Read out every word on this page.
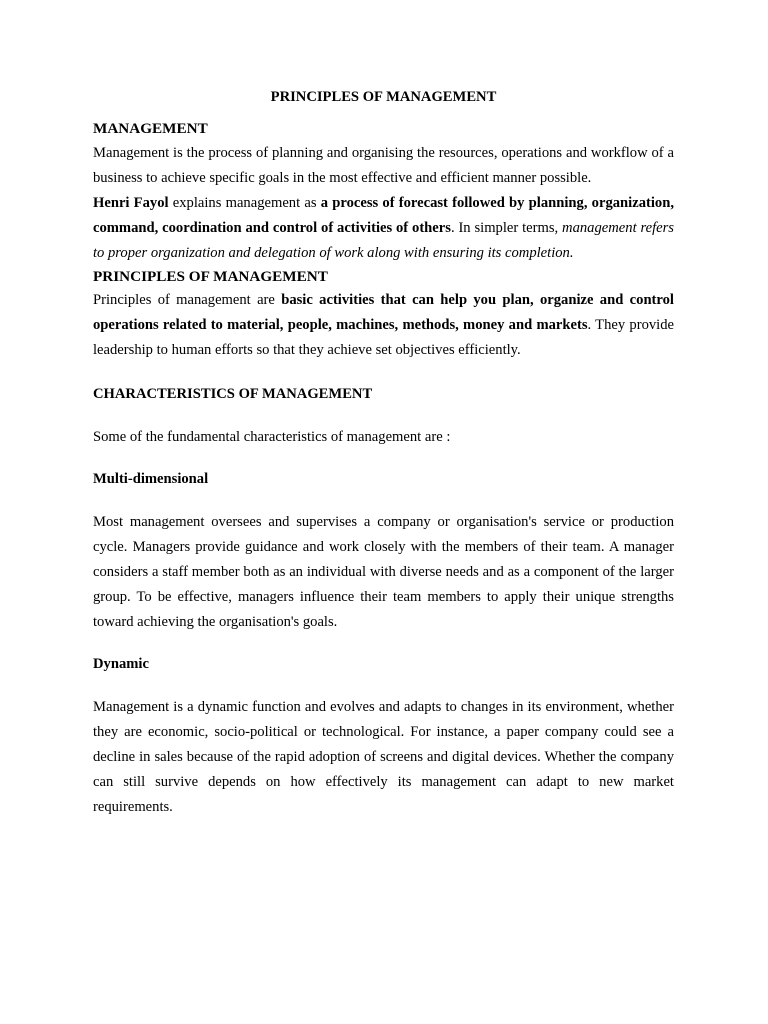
PRINCIPLES OF MANAGEMENT
MANAGEMENT

Management is the process of planning and organising the resources, operations and workflow of a business to achieve specific goals in the most effective and efficient manner possible.

Henri Fayol explains management as a process of forecast followed by planning, organization, command, coordination and control of activities of others. In simpler terms, management refers to proper organization and delegation of work along with ensuring its completion.

PRINCIPLES OF MANAGEMENT

Principles of management are basic activities that can help you plan, organize and control operations related to material, people, machines, methods, money and markets. They provide leadership to human efforts so that they achieve set objectives efficiently.

CHARACTERISTICS OF MANAGEMENT

Some of the fundamental characteristics of management are :

Multi-dimensional

Most management oversees and supervises a company or organisation's service or production cycle. Managers provide guidance and work closely with the members of their team. A manager considers a staff member both as an individual with diverse needs and as a component of the larger group. To be effective, managers influence their team members to apply their unique strengths toward achieving the organisation's goals.

Dynamic

Management is a dynamic function and evolves and adapts to changes in its environment, whether they are economic, socio-political or technological. For instance, a paper company could see a decline in sales because of the rapid adoption of screens and digital devices. Whether the company can still survive depends on how effectively its management can adapt to new market requirements.
